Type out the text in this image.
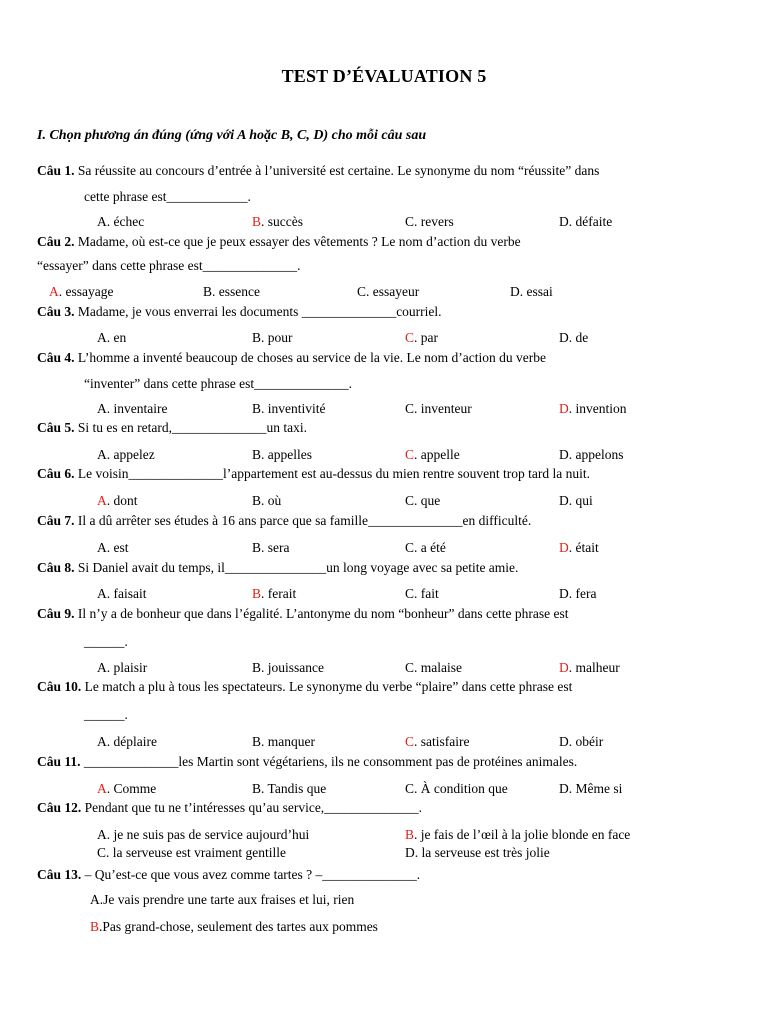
TEST D’ÉVALUATION 5
I. Chọn phương án đúng (ứng với A hoặc B, C, D) cho mỗi câu sau
Câu 1. Sa réussite au concours d’entrée à l’université est certaine. Le synonyme du nom “réussite” dans
cette phrase est____________.
A. échec	B. succès	C. revers	D. défaite
Câu 2. Madame, où est-ce que je peux essayer des vêtements ? Le nom d’action du verbe
“essayer” dans cette phrase est______________.
A. essayage	B. essence	C. essayeur	D. essai
Câu 3. Madame, je vous enverrai les documents ______________courriel.
A. en	B. pour	C. par	D. de
Câu 4. L’homme a inventé beaucoup de choses au service de la vie. Le nom d’action du verbe
“inventer” dans cette phrase est______________.
A. inventaire	B. inventivité	C. inventeur	D. invention
Câu 5. Si tu es en retard,______________un taxi.
A. appelez	B. appelles	C. appelle	D. appelons
Câu 6. Le voisin______________l’appartement est au-dessus du mien rentre souvent trop tard la nuit.
A. dont	B. où	C. que	D. qui
Câu 7. Il a dû arrêter ses études à 16 ans parce que sa famille______________en difficulté.
A. est	B. sera	C. a été	D. était
Câu 8. Si Daniel avait du temps, il_______________un long voyage avec sa petite amie.
A. faisait	B. ferait	C. fait	D. fera
Câu 9. Il n’y a de bonheur que dans l’égalité. L’antonyme du nom “bonheur” dans cette phrase est
______.
A. plaisir	B. jouissance	C. malaise	D. malheur
Câu 10. Le match a plu à tous les spectateurs. Le synonyme du verbe “plaire” dans cette phrase est
______.
A. déplaire	B. manquer	C. satisfaire	D. obéir
Câu 11. ______________les Martin sont végétariens, ils ne consomment pas de protéines animales.
A. Comme	B. Tandis que	C. À condition que	D. Même si
Câu 12. Pendant que tu ne t’intéresses qu’au service,______________.
A. je ne suis pas de service aujourd’hui	B. je fais de l’œil à la jolie blonde en face
C. la serveuse est vraiment gentille	D. la serveuse est très jolie
Câu 13. – Qu’est-ce que vous avez comme tartes ? –______________.
A.Je vais prendre une tarte aux fraises et lui, rien
B.Pas grand-chose, seulement des tartes aux pommes
